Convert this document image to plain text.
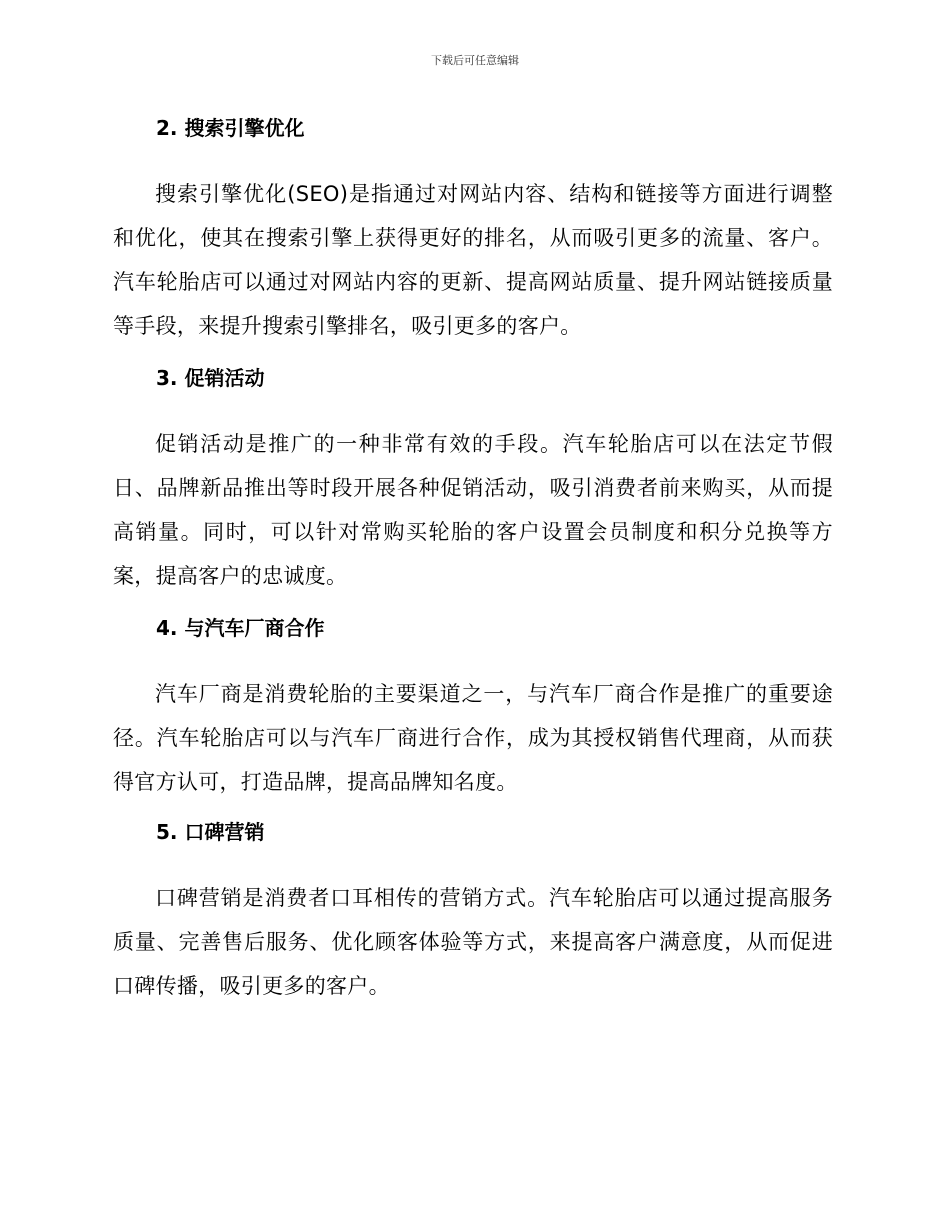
下载后可任意编辑
2. 搜索引擎优化

搜索引擎优化(SEO)是指通过对网站内容、结构和链接等方面进行调整和优化，使其在搜索引擎上获得更好的排名，从而吸引更多的流量、客户。汽车轮胎店可以通过对网站内容的更新、提高网站质量、提升网站链接质量等手段，来提升搜索引擎排名，吸引更多的客户。

3. 促销活动

促销活动是推广的一种非常有效的手段。汽车轮胎店可以在法定节假日、品牌新品推出等时段开展各种促销活动，吸引消费者前来购买，从而提高销量。同时，可以针对常购买轮胎的客户设置会员制度和积分兑换等方案，提高客户的忠诚度。

4. 与汽车厂商合作

汽车厂商是消费轮胎的主要渠道之一，与汽车厂商合作是推广的重要途径。汽车轮胎店可以与汽车厂商进行合作，成为其授权销售代理商，从而获得官方认可，打造品牌，提高品牌知名度。

5. 口碑营销

口碑营销是消费者口耳相传的营销方式。汽车轮胎店可以通过提高服务质量、完善售后服务、优化顾客体验等方式，来提高客户满意度，从而促进口碑传播，吸引更多的客户。
